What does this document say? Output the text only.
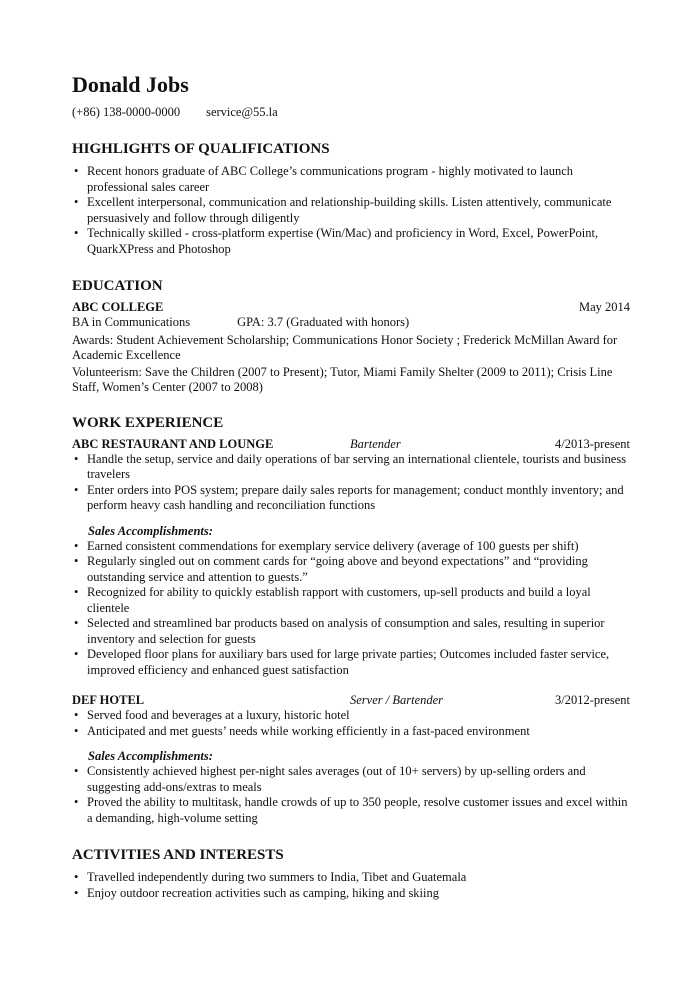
Donald Jobs
(+86) 138-0000-0000 service@55.la
HIGHLIGHTS OF QUALIFICATIONS
• Recent honors graduate of ABC College’s communications program - highly motivated to launch professional sales career
• Excellent interpersonal, communication and relationship-building skills. Listen attentively, communicate persuasively and follow through diligently
• Technically skilled - cross-platform expertise (Win/Mac) and proficiency in Word, Excel, PowerPoint, QuarkXPress and Photoshop
EDUCATION
ABC COLLEGE	May 2014
BA in Communications	GPA: 3.7 (Graduated with honors)

Awards: Student Achievement Scholarship; Communications Honor Society ; Frederick McMillan Award for Academic Excellence

Volunteerism: Save the Children (2007 to Present); Tutor, Miami Family Shelter (2009 to 2011); Crisis Line Staff, Women’s Center (2007 to 2008)

WORK EXPERIENCE
ABC RESTAURANT AND LOUNGE	Bartender	4/2013-present
• Handle the setup, service and daily operations of bar serving an international clientele, tourists and business travelers
• Enter orders into POS system; prepare daily sales reports for management; conduct monthly inventory; and perform heavy cash handling and reconciliation functions
Sales Accomplishments:
• Earned consistent commendations for exemplary service delivery (average of 100 guests per shift)
• Regularly singled out on comment cards for “going above and beyond expectations” and “providing outstanding service and attention to guests.”
• Recognized for ability to quickly establish rapport with customers, up-sell products and build a loyal clientele
• Selected and streamlined bar products based on analysis of consumption and sales, resulting in superior inventory and selection for guests
• Developed floor plans for auxiliary bars used for large private parties; Outcomes included faster service, improved efficiency and enhanced guest satisfaction
DEF HOTEL	Server / Bartender	3/2012-present
• Served food and beverages at a luxury, historic hotel
• Anticipated and met guests’ needs while working efficiently in a fast-paced environment
Sales Accomplishments:
• Consistently achieved highest per-night sales averages (out of 10+ servers) by up-selling orders and suggesting add-ons/extras to meals
• Proved the ability to multitask, handle crowds of up to 350 people, resolve customer issues and excel within a demanding, high-volume setting
ACTIVITIES AND INTERESTS
• Travelled independently during two summers to India, Tibet and Guatemala
• Enjoy outdoor recreation activities such as camping, hiking and skiing
